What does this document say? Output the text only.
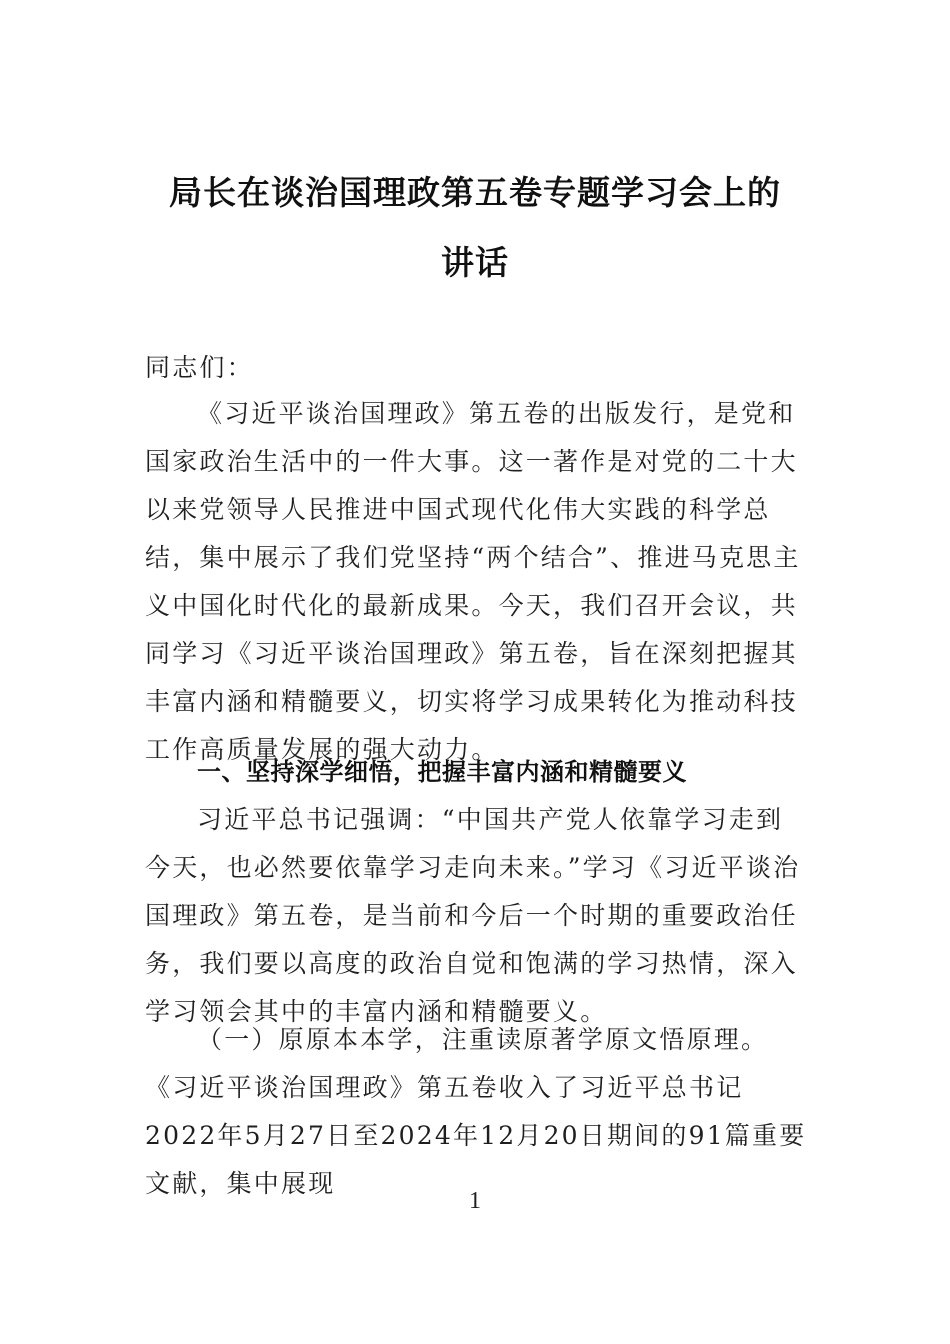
局长在谈治国理政第五卷专题学习会上的
讲话

同志们：

《习近平谈治国理政》第五卷的出版发行，是党和国家政治生活中的一件大事。这一著作是对党的二十大以来党领导人民推进中国式现代化伟大实践的科学总结，集中展示了我们党坚持“两个结合”、推进马克思主义中国化时代化的最新成果。今天，我们召开会议，共同学习《习近平谈治国理政》第五卷，旨在深刻把握其丰富内涵和精髓要义，切实将学习成果转化为推动科技工作高质量发展的强大动力。

一、坚持深学细悟，把握丰富内涵和精髓要义

习近平总书记强调：“中国共产党人依靠学习走到今天，也必然要依靠学习走向未来。”学习《习近平谈治国理政》第五卷，是当前和今后一个时期的重要政治任务，我们要以高度的政治自觉和饱满的学习热情，深入学习领会其中的丰富内涵和精髓要义。

（一）原原本本学，注重读原著学原文悟原理。《习近平谈治国理政》第五卷收入了习近平总书记2022年5月27日至2024年12月20日期间的91篇重要文献，集中展现

1
